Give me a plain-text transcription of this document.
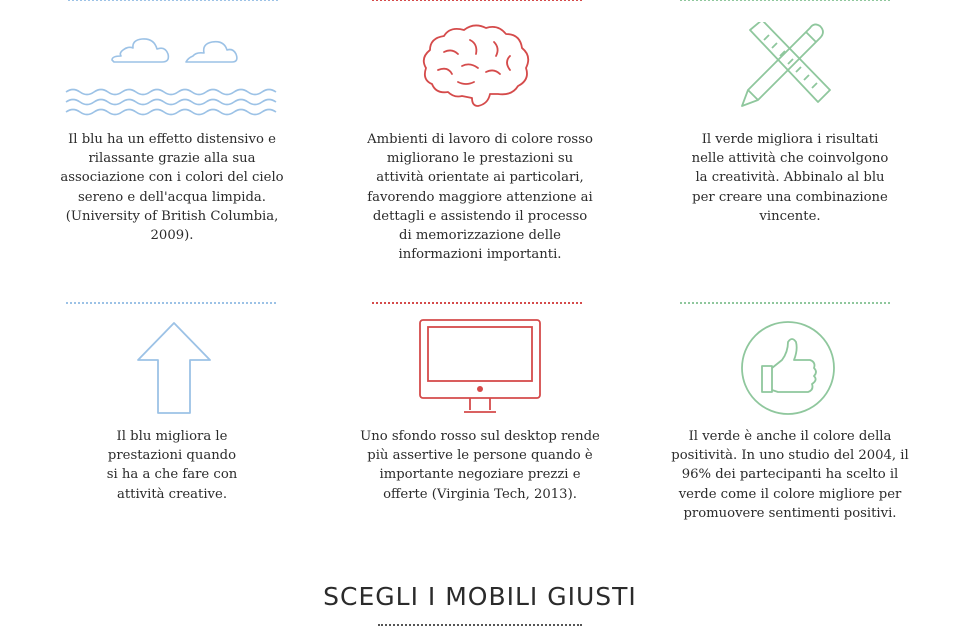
Il blu ha un effetto distensivo e rilassante grazie alla sua associazione con i colori del cielo sereno e dell'acqua limpida. (University of British Columbia, 2009).

Ambienti di lavoro di colore rosso migliorano le prestazioni su attività orientate ai particolari, favorendo maggiore attenzione ai dettagli e assistendo il processo di memorizzazione delle informazioni importanti.

Il verde migliora i risultati nelle attività che coinvolgono la creatività. Abbinalo al blu per creare una combinazione vincente.

Il blu migliora le prestazioni quando si ha a che fare con attività creative.

Uno sfondo rosso sul desktop rende più assertive le persone quando è importante negoziare prezzi e offerte (Virginia Tech, 2013).

Il verde è anche il colore della positività. In uno studio del 2004, il 96% dei partecipanti ha scelto il verde come il colore migliore per promuovere sentimenti positivi.

SCEGLI I MOBILI GIUSTI
